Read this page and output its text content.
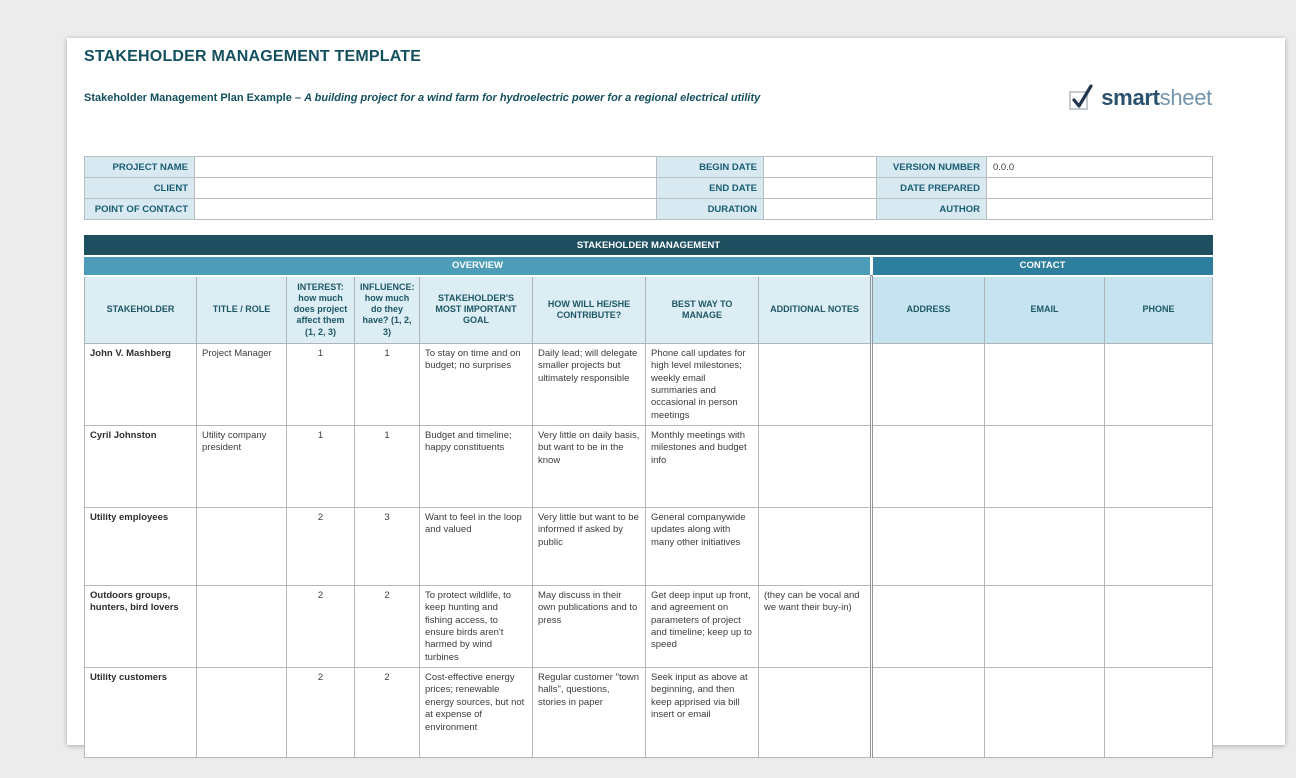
smart sheet
STAKEHOLDER MANAGEMENT TEMPLATE
Stakeholder Management Plan Example – A building project for a wind farm for hydroelectric power for a regional electrical utility
PROJECT NAME		BEGIN DATE		VERSION NUMBER	0.0.0
CLIENT		END DATE		DATE PREPARED	
POINT OF CONTACT		DURATION		AUTHOR	
STAKEHOLDER MANAGEMENT										
OVERVIEW								CONTACT		
STAKEHOLDER	TITLE / ROLE	INTEREST: how much does project affect them (1, 2, 3)	INFLUENCE: how much do they have? (1, 2, 3)	STAKEHOLDER'S MOST IMPORTANT GOAL	HOW WILL HE/SHE CONTRIBUTE?	BEST WAY TO MANAGE	ADDITIONAL NOTES	ADDRESS	EMAIL	PHONE
John V. Mashberg	Project Manager	1	1	To stay on time and on budget; no surprises	Daily lead; will delegate smaller projects but ultimately responsible	Phone call updates for high level milestones; weekly email summaries and occasional in person meetings				
Cyril Johnston	Utility company president	1	1	Budget and timeline; happy constituents	Very little on daily basis, but want to be in the know	Monthly meetings with milestones and budget info				
Utility employees		2	3	Want to feel in the loop and valued	Very little but want to be informed if asked by public	General companywide updates along with many other initiatives				
Outdoors groups, hunters, bird lovers		2	2	To protect wildlife, to keep hunting and fishing access, to ensure birds aren't harmed by wind turbines	May discuss in their own publications and to press	Get deep input up front, and agreement on parameters of project and timeline; keep up to speed	(they can be vocal and we want their buy-in)			
Utility customers		2	2	Cost-effective energy prices; renewable energy sources, but not at expense of environment	Regular customer "town halls", questions, stories in paper	Seek input as above at beginning, and then keep apprised via bill insert or email				
